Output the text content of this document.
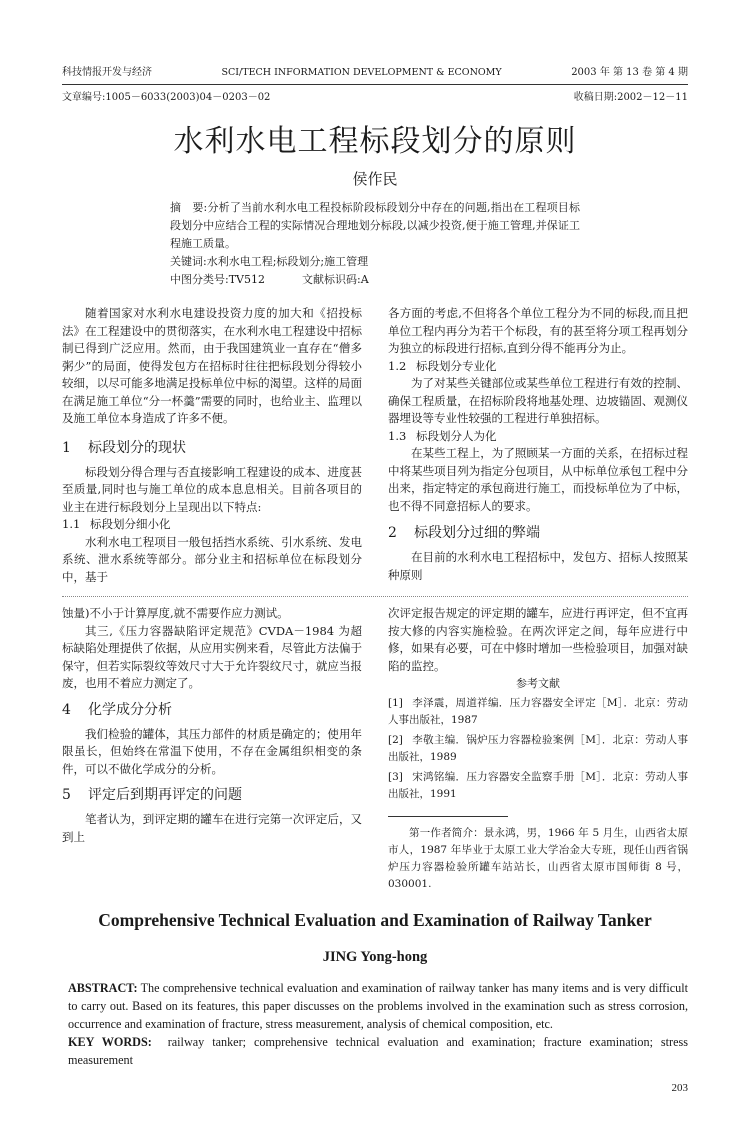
科技情报开发与经济	SCI/TECH INFORMATION DEVELOPMENT & ECONOMY	2003 年 第 13 卷 第 4 期
文章编号:1005－6033(2003)04－0203－02	收稿日期:2002－12－11
水利水电工程标段划分的原则
侯作民
摘　要:分析了当前水利水电工程投标阶段标段划分中存在的问题,指出在工程项目标段划分中应结合工程的实际情况合理地划分标段,以减少投资,便于施工管理,并保证工程施工质量。
关键词:水利水电工程;标段划分;施工管理
中图分类号:TV512	文献标识码:A

随着国家对水利水电建设投资力度的加大和《招投标法》在工程建设中的贯彻落实，在水利水电工程建设中招标制已得到广泛应用。然而，由于我国建筑业一直存在“僧多粥少”的局面，使得发包方在招标时往往把标段划分得较小较细，以尽可能多地满足投标单位中标的渴望。这样的局面在满足施工单位“分一杯羹”需要的同时，也给业主、监理以及施工单位本身造成了许多不便。

1 标段划分的现状

标段划分得合理与否直接影响工程建设的成本、进度甚至质量,同时也与施工单位的成本息息相关。目前各项目的业主在进行标段划分上呈现出以下特点:

1.1 标段划分细小化

水利水电工程项目一般包括挡水系统、引水系统、发电系统、泄水系统等部分。部分业主和招标单位在标段划分中，基于

各方面的考虑,不但将各个单位工程分为不同的标段,而且把单位工程内再分为若干个标段，有的甚至将分项工程再划分为独立的标段进行招标,直到分得不能再分为止。

1.2 标段划分专业化

为了对某些关键部位或某些单位工程进行有效的控制、确保工程质量，在招标阶段将地基处理、边坡锚固、观测仪器埋设等专业性较强的工程进行单独招标。

1.3 标段划分人为化

在某些工程上，为了照顾某一方面的关系，在招标过程中将某些项目列为指定分包项目，从中标单位承包工程中分出来，指定特定的承包商进行施工，而投标单位为了中标，也不得不同意招标人的要求。

2 标段划分过细的弊端

在目前的水利水电工程招标中，发包方、招标人按照某种原则

蚀量)不小于计算厚度,就不需要作应力测试。

其三,《压力容器缺陷评定规范》CVDA－1984 为超标缺陷处理提供了依据，从应用实例来看，尽管此方法偏于保守，但若实际裂纹等效尺寸大于允许裂纹尺寸，就应当报废，也用不着应力测定了。

4 化学成分分析

我们检验的罐体，其压力部件的材质是确定的；使用年限虽长，但始终在常温下使用，不存在金属组织相变的条件，可以不做化学成分的分析。

5 评定后到期再评定的问题

笔者认为，到评定期的罐车在进行完第一次评定后，又到上

次评定报告规定的评定期的罐车，应进行再评定，但不宜再按大修的内容实施检验。在两次评定之间，每年应进行中修，如果有必要，可在中修时增加一些检验项目，加强对缺陷的监控。

参考文献

[1] 李泽震，周道祥编．压力容器安全评定［M］．北京：劳动人事出版社，1987

[2] 李敬主编．锅炉压力容器检验案例［M］．北京：劳动人事出版社，1989

[3] 宋鸿铭编．压力容器安全监察手册［M］．北京：劳动人事出版社，1991

第一作者简介：景永鸿，男，1966 年 5 月生，山西省太原市人，1987 年毕业于太原工业大学冶金大专班，现任山西省锅炉压力容器检验所罐车站站长，山西省太原市国师街 8 号，030001.

Comprehensive Technical Evaluation and Examination of Railway Tanker
JING Yong-hong
ABSTRACT: The comprehensive technical evaluation and examination of railway tanker has many items and is very difficult to carry out. Based on its features, this paper discusses on the problems involved in the examination such as stress corrosion, occurrence and examination of fracture, stress measurement, analysis of chemical composition, etc.
KEY WORDS: railway tanker; comprehensive technical evaluation and examination; fracture examination; stress measurement
203
